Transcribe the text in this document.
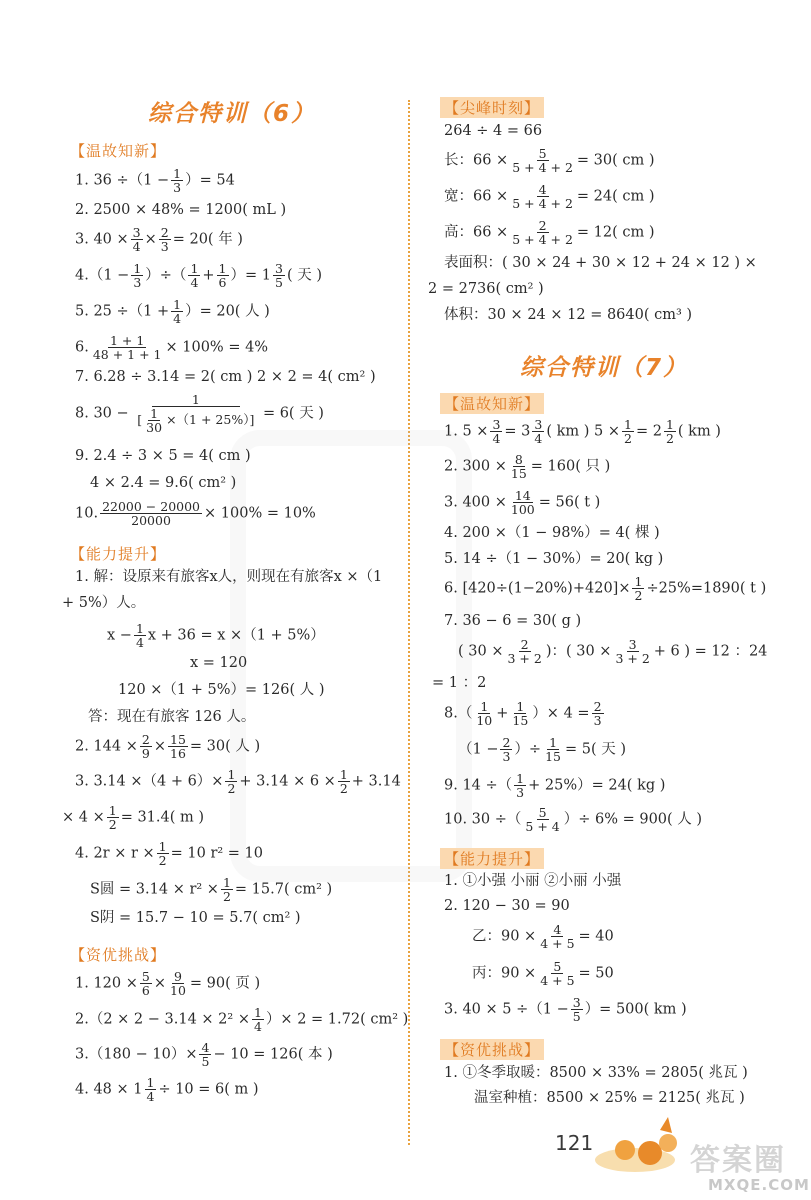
综合特训（6）
【温故知新】
1. $36 \div(1 - \frac{1}{3}$ ）= 54
2. 2500 × 48% = 1200( mL )
3. $40 \times \frac{3}{4} \times \frac{2}{3} = 20$( 年 )
$4.(1 - \frac{1}{3}$ ）÷（ $\frac{1}{4} + \frac{1}{6}$ ）= $1 \frac{3}{5}$ ( 天 )
5. $25 \div(1 + \frac{1}{4}$ ）= 20( 人 )
6. $\frac{1 + 1}{48 + 1 + 1} \times 100\% = 4\%$
7. 6.28 ÷ 3.14 = 2( cm ) 2 × 2 = 4( cm² )
8. $30 - \frac{1}{[ \frac{1}{30} \times(1 + 25\%)]} = 6$( 天 )
9. 2.4 ÷ 3 × 5 = 4( cm )
4 × 2.4 = 9.6( cm² )
10. $\frac{22000 - 20000}{20000} \times 100\% = 10\%$
【能力提升】
1. 解：设原来有旅客x人，则现在有旅客x ×（1
+ 5%）人。
$x - \frac{1}{4}$ x + 36 = x ×（1 + 5%）
x = 120
120 ×（1 + 5%）= 126( 人 )
答：现在有旅客 126 人。
2. $144 \times \frac{2}{9} \times \frac{15}{16} = 30$( 人 )
3. $3.14 \times(4 + 6)\times \frac{1}{2} + 3.14 \times 6 \times \frac{1}{2} + 3.14$
× $4 \times \frac{1}{2} = 31.4$( m )
4. $2r \times r \times \frac{1}{2} = 10$ r² = 10
S圆 = $3.14 \times r^2 \times \frac{1}{2} = 15.7$( cm² )
S阴 = 15.7 − 10 = 5.7( cm² )
【资优挑战】
1. $120 \times \frac{5}{6} \times \frac{9}{10} = 90$( 页 )
$2.(2 \times 2 - 3.14 \times 2^2 \times \frac{1}{4}$ ）× 2 = 1.72( cm² )
$3.(180 - 10)\times \frac{4}{5} - 10 = 126$( 本 )
4. $48 \times 1 \frac{1}{4} \div 10 = 6$( m )
【尖峰时刻】
264 ÷ 4 = 66
长：$66 \times \frac{5}{5 + 4 + 2} = 30$( cm )
宽：$66 \times \frac{4}{5 + 4 + 2} = 24$( cm )
高：$66 \times \frac{2}{5 + 4 + 2} = 12$( cm )
表面积：( 30 × 24 + 30 × 12 + 24 × 12 ) ×
2 = 2736( cm² )
体积：30 × 24 × 12 = 8640( cm³ )
综合特训（7）
【温故知新】
1. $5 \times \frac{3}{4} = 3 \frac{3}{4}$ ( km ) $5 \times \frac{1}{2} = 2 \frac{1}{2}$ ( km )
2. $300 \times \frac{8}{15} = 160$( 只 )
3. $400 \times \frac{14}{100} = 56$( t )
4. 200 ×（1 − 98%）= 4( 棵 )
5. 14 ÷（1 − 30%）= 20( kg )
6. $[420\div(1-20\%)+420]\times \frac{1}{2} \div 25\%=1890$( t )
7. 36 − 6 = 30( g )
( $30 \times \frac{2}{3 + 2}$ )：( $30 \times \frac{3}{3 + 2} + 6$ ) = 12 ：24
= 1 ：2
$8.( \frac{1}{10} + \frac{1}{15}$ ）× $4 = \frac{2}{3}$
（$1 - \frac{2}{3}$ ）÷ $\frac{1}{15} = 5$( 天 )
9. 14 ÷（ $\frac{1}{3} + 25\%)= 24$( kg )
10. 30 ÷（ $\frac{5}{5 + 4}$ ）÷ 6% = 900( 人 )
【能力提升】
1. ①小强 小丽 ②小丽 小强
2. 120 − 30 = 90
乙：$90 \times \frac{4}{4 + 5} = 40$
丙：$90 \times \frac{5}{4 + 5} = 50$
3. $40 \times 5 \div(1 - \frac{3}{5}$ ）= 500( km )
【资优挑战】
1. ①冬季取暖：8500 × 33% = 2805( 兆瓦 )
温室种植：8500 × 25% = 2125( 兆瓦 )
121	答案圈
MXQE.COM
